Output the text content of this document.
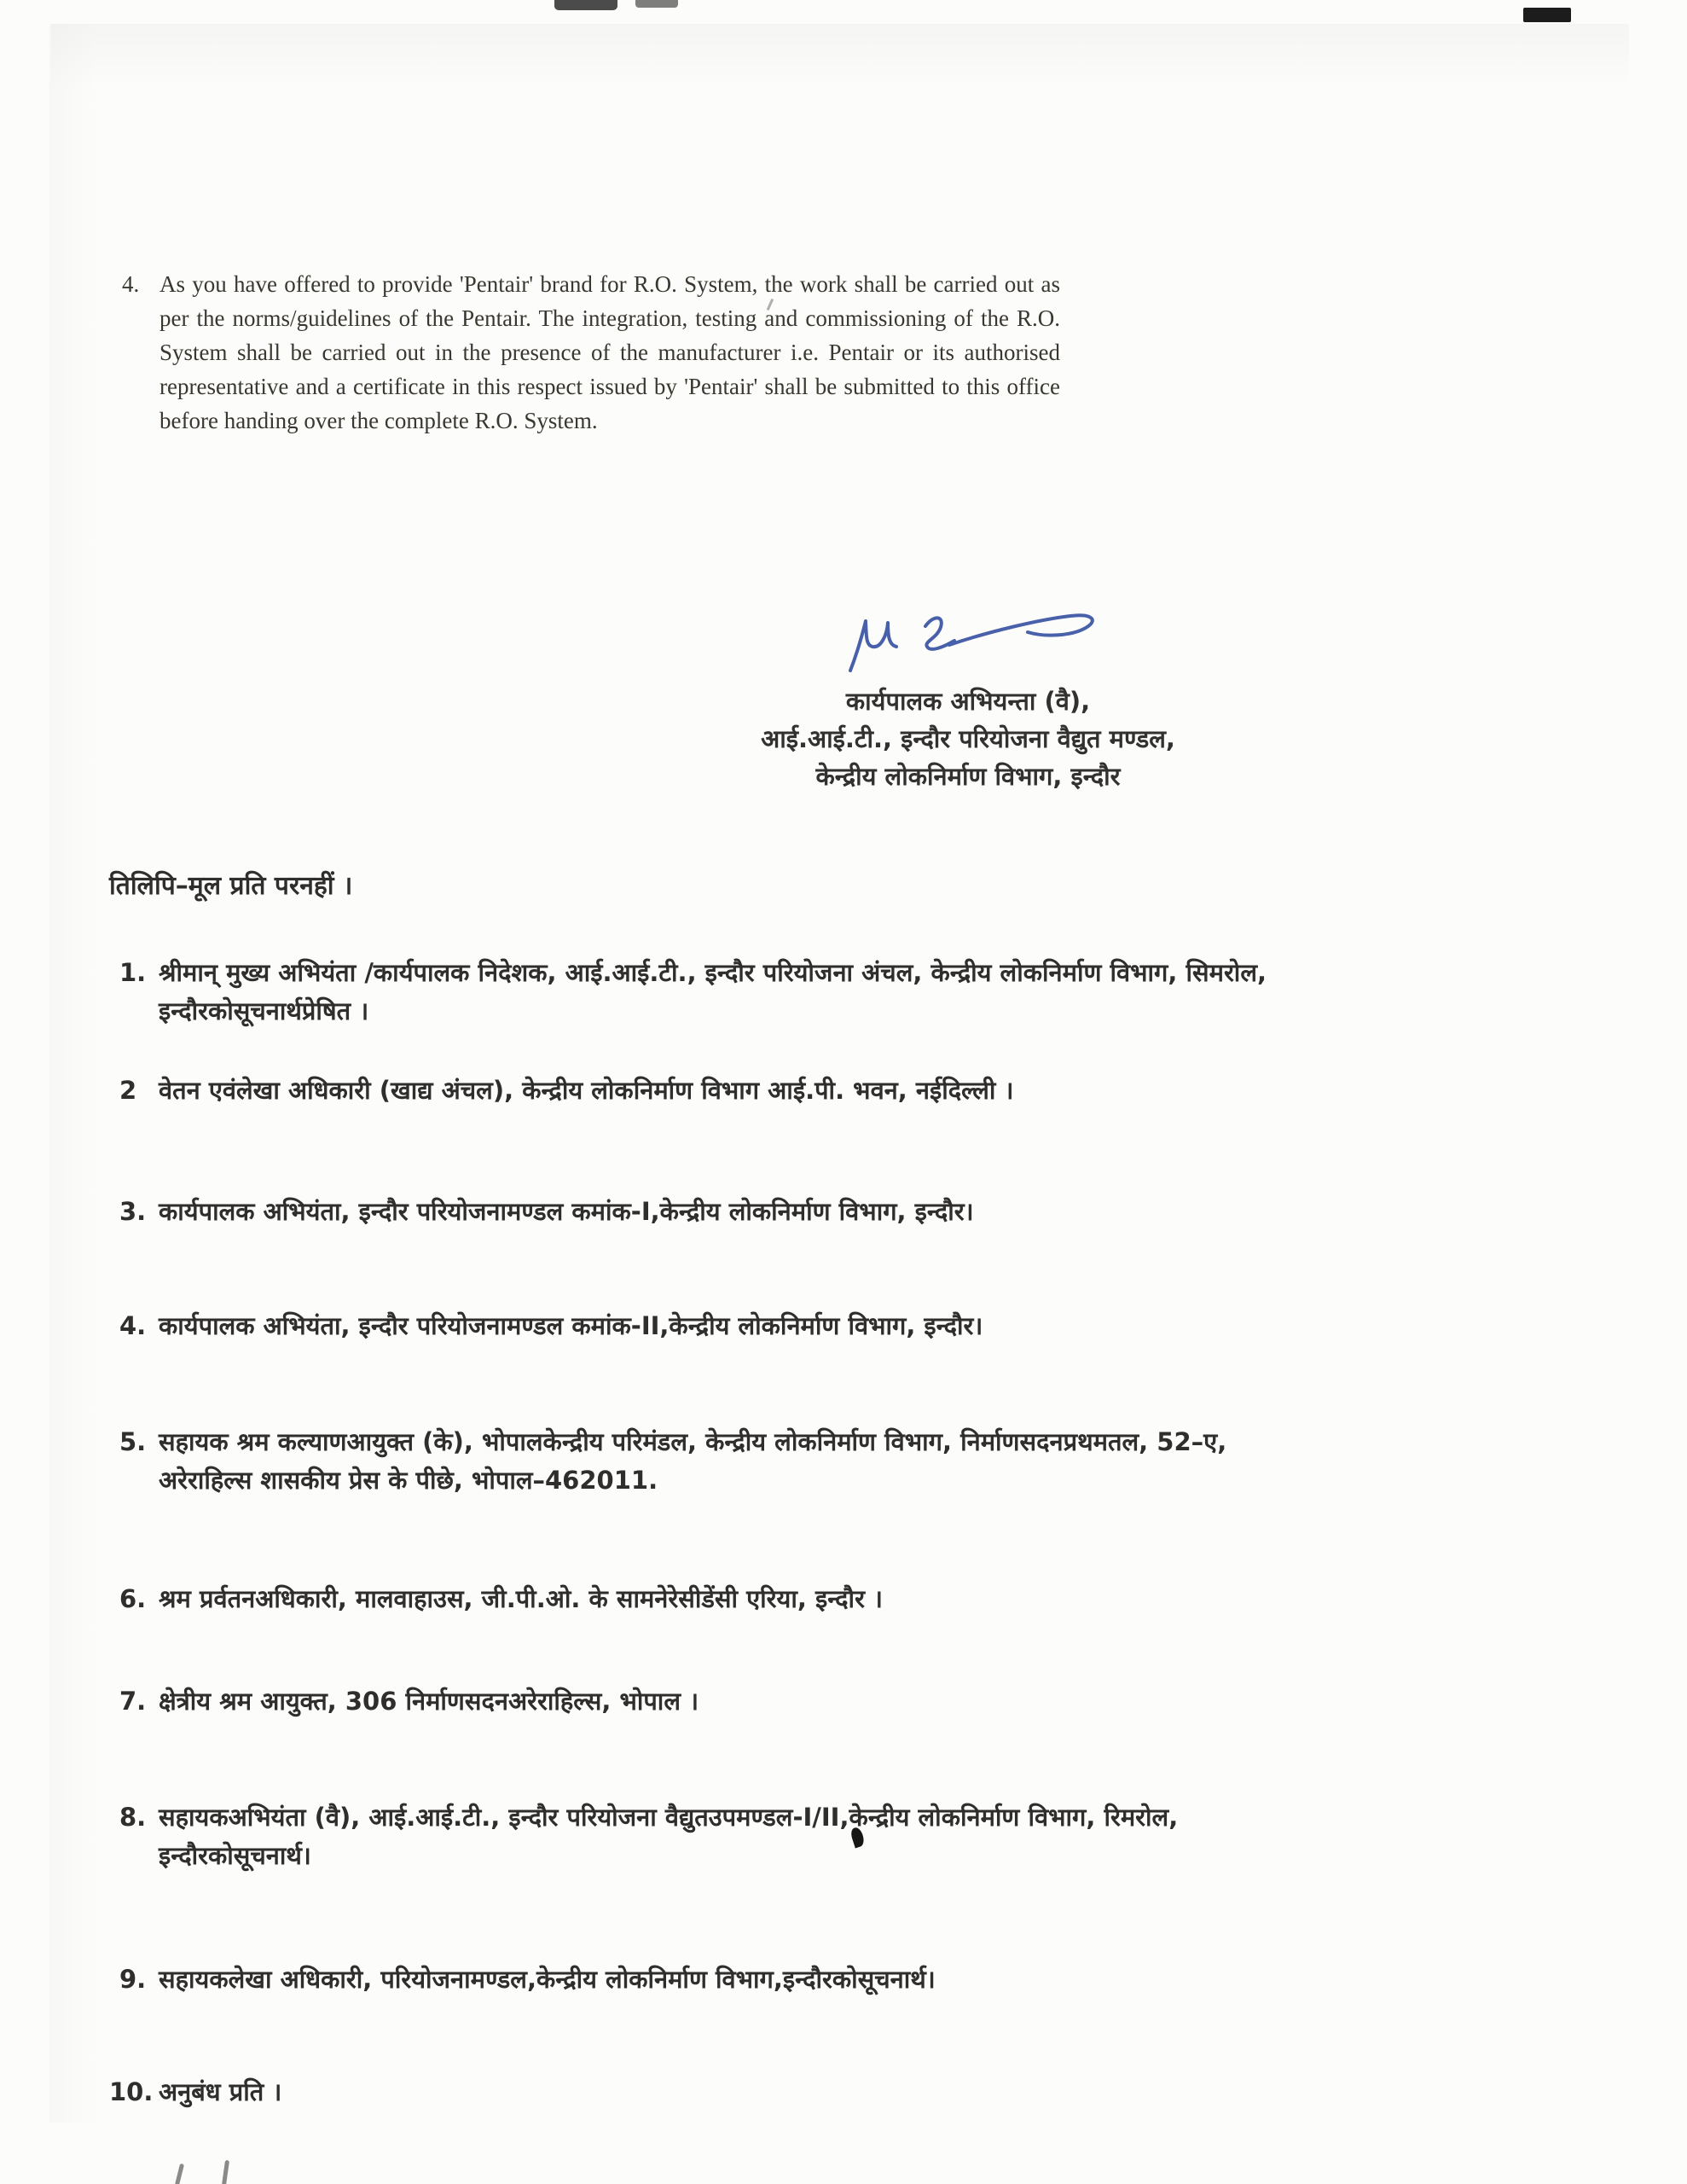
4. As you have offered to provide 'Pentair' brand for R.O. System, the work shall be carried out as per the norms/guidelines of the Pentair. The integration, testing and commissioning of the R.O. System shall be carried out in the presence of the manufacturer i.e. Pentair or its authorised representative and a certificate in this respect issued by 'Pentair' shall be submitted to this office before handing over the complete R.O. System.
कार्यपालक अभियन्ता (वै),
आई.आई.टी., इन्दौर परियोजना वैद्युत मण्डल,
केन्द्रीय लोकनिर्माण विभाग, इन्दौर
तिलिपि–मूल प्रति परनहीं ।
1. श्रीमान् मुख्य अभियंता /कार्यपालक निदेशक, आई.आई.टी., इन्दौर परियोजना अंचल, केन्द्रीय लोकनिर्माण विभाग, सिमरोल, इन्दौरकोसूचनार्थप्रेषित ।
2 वेतन एवंलेखा अधिकारी (खाद्य अंचल), केन्द्रीय लोकनिर्माण विभाग आई.पी. भवन, नईदिल्ली ।
3. कार्यपालक अभियंता, इन्दौर परियोजनामण्डल कमांक-I,केन्द्रीय लोकनिर्माण विभाग, इन्दौर।
4. कार्यपालक अभियंता, इन्दौर परियोजनामण्डल कमांक-II,केन्द्रीय लोकनिर्माण विभाग, इन्दौर।
5. सहायक श्रम कल्याणआयुक्त (के), भोपालकेन्द्रीय परिमंडल, केन्द्रीय लोकनिर्माण विभाग, निर्माणसदनप्रथमतल, 52–ए, अरेराहिल्स शासकीय प्रेस के पीछे, भोपाल–462011.
6. श्रम प्रर्वतनअधिकारी, मालवाहाउस, जी.पी.ओ. के सामनेरेसीडेंसी एरिया, इन्दौर ।
7. क्षेत्रीय श्रम आयुक्त, 306 निर्माणसदनअरेराहिल्स, भोपाल ।
8. सहायकअभियंता (वै), आई.आई.टी., इन्दौर परियोजना वैद्युतउपमण्डल-I/II,केन्द्रीय लोकनिर्माण विभाग, रिमरोल, इन्दौरकोसूचनार्थ।
9. सहायकलेखा अधिकारी, परियोजनामण्डल,केन्द्रीय लोकनिर्माण विभाग,इन्दौरकोसूचनार्थ।
10. अनुबंध प्रति ।
